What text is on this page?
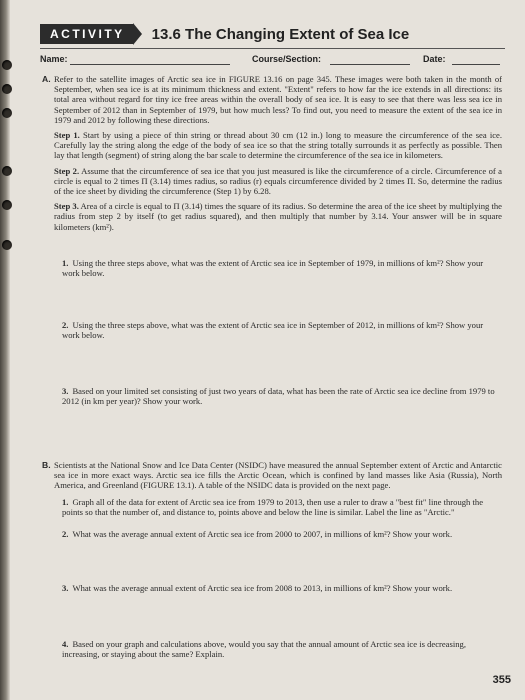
ACTIVITY	13.6 The Changing Extent of Sea Ice
Name:	Course/Section:	Date:
A. Refer to the satellite images of Arctic sea ice in FIGURE 13.16 on page 345. These images were both taken in the month of September, when sea ice is at its minimum thickness and extent. "Extent" refers to how far the ice extends in all directions: its total area without regard for tiny ice free areas within the overall body of sea ice. It is easy to see that there was less sea ice in September of 2012 than in September of 1979, but how much less? To find out, you need to measure the extent of the sea ice in 1979 and 2012 by following these directions.
Step 1. Start by using a piece of thin string or thread about 30 cm (12 in.) long to measure the circumference of the sea ice. Carefully lay the string along the edge of the body of sea ice so that the string totally surrounds it as perfectly as possible. Then lay that length (segment) of string along the bar scale to determine the circumference of the sea ice in kilometers.
Step 2. Assume that the circumference of sea ice that you just measured is like the circumference of a circle. Circumference of a circle is equal to 2 times Π (3.14) times radius, so radius (r) equals circumference divided by 2 times Π. So, determine the radius of the ice sheet by dividing the circumference (Step 1) by 6.28.
Step 3. Area of a circle is equal to Π (3.14) times the square of its radius. So determine the area of the ice sheet by multiplying the radius from step 2 by itself (to get radius squared), and then multiply that number by 3.14. Your answer will be in square kilometers (km²).
1. Using the three steps above, what was the extent of Arctic sea ice in September of 1979, in millions of km²? Show your work below.
2. Using the three steps above, what was the extent of Arctic sea ice in September of 2012, in millions of km²? Show your work below.
3. Based on your limited set consisting of just two years of data, what has been the rate of Arctic sea ice decline from 1979 to 2012 (in km per year)? Show your work.
B. Scientists at the National Snow and Ice Data Center (NSIDC) have measured the annual September extent of Arctic and Antarctic sea ice in more exact ways. Arctic sea ice fills the Arctic Ocean, which is confined by land masses like Asia (Russia), North America, and Greenland (FIGURE 13.1). A table of the NSIDC data is provided on the next page.
1. Graph all of the data for extent of Arctic sea ice from 1979 to 2013, then use a ruler to draw a "best fit" line through the points so that the number of, and distance to, points above and below the line is similar. Label the line as "Arctic."
2. What was the average annual extent of Arctic sea ice from 2000 to 2007, in millions of km²? Show your work.
3. What was the average annual extent of Arctic sea ice from 2008 to 2013, in millions of km²? Show your work.
4. Based on your graph and calculations above, would you say that the annual amount of Arctic sea ice is decreasing, increasing, or staying about the same? Explain.
355
